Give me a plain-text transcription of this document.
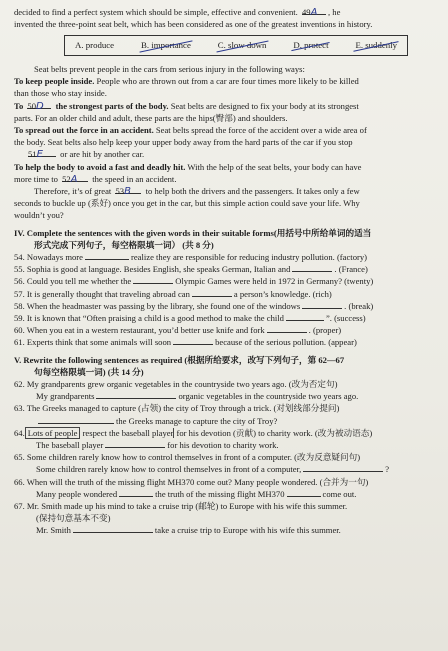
decided to find a perfect system which should be simple, effective and convenient. 49A , he

invented the three-point seat belt, which has been considered as one of the greatest inventions in history.

A. produce	B. importance	C. slow down	D. protect	E. suddenly

Seat belts prevent people in the cars from serious injury in the following ways:

To keep people inside. People who are thrown out from a car are four times more likely to be killed

than those who stay inside.

To 50D the strongest parts of the body. Seat belts are designed to fix your body at its strongest

parts. For an older child and adult, these parts are the hips(臀部) and shoulders.

To spread out the force in an accident. Seat belts spread the force of the accident over a wide area of

the body. Seat belts also help keep your upper body away from the hard parts of the car if you stop

51E or are hit by another car.

To help the body to avoid a fast and deadly hit. With the help of the seat belts, your body can have

more time to 52A the speed in an accident.

Therefore, it’s of great 53B to help both the drivers and the passengers. It takes only a few

seconds to buckle up (系好) once you get in the car, but this simple action could save your life. Why

wouldn’t you?

IV. Complete the sentences with the given words in their suitable forms(用括号中所给单词的适当

形式完成下列句子，每空格限填一词） (共 8 分)

54. Nowadays more	realize they are responsible for reducing industry pollution. (factory)

55. Sophia is good at language. Besides English, she speaks German, Italian and	. (France)

56. Could you tell me whether the	Olympic Games were held in 1972 in Germany? (twenty)

57. It is generally thought that traveling abroad can	a person’s knowledge. (rich)

58. When the headmaster was passing by the library, she found one of the windows	. (break)

59. It is known that “Often praising a child is a good method to make the child	”. (success)

60. When you eat in a western restaurant, you’d better use knife and fork	. (proper)

61. Experts think that some animals will soon	because of the serious pollution. (appear)

V. Rewrite the following sentences as required (根据所给要求，改写下列句子，第 62—67

句每空格限填一词) (共 14 分)

62. My grandparents grew organic vegetables in the countryside two years ago. (改为否定句)

My grandparents	organic vegetables in the countryside two years ago.

63. The Greeks managed to capture (占领) the city of Troy through a trick. (对划线部分提问)

the Greeks manage to capture the city of Troy?

64. Lots of people respect the baseball player for his devotion (贡献) to charity work. (改为被动语态)

The baseball player	for his devotion to charity work.

65. Some children rarely know how to control themselves in front of a computer. (改为反意疑问句)

Some children rarely know how to control themselves in front of a computer,	?

66. When will the truth of the missing flight MH370 come out? Many people wondered. (合并为一句)

Many people wondered	the truth of the missing flight MH370	come out.

67. Mr. Smith made up his mind to take a cruise trip (邮轮) to Europe with his wife this summer.

(保持句意基本不变)

Mr. Smith	take a cruise trip to Europe with his wife this summer.
